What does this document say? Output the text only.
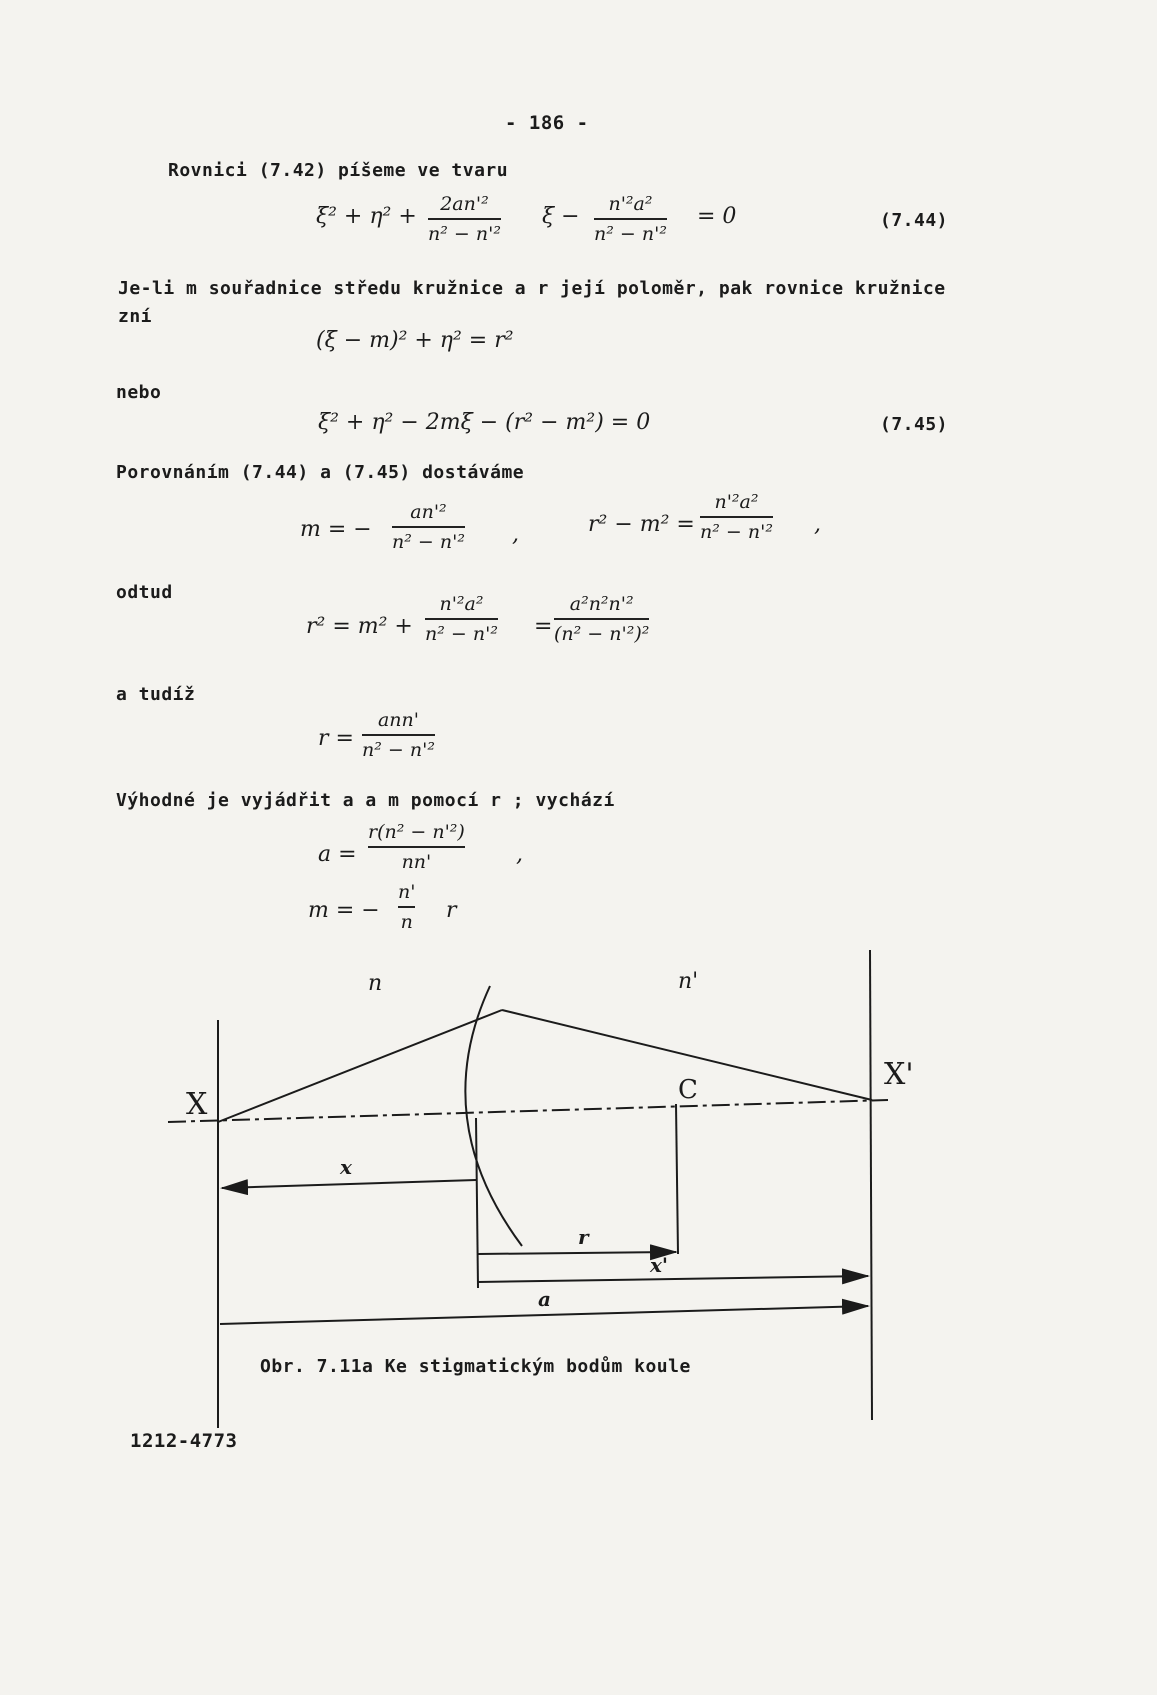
- 186 -
Rovnici (7.42) píšeme ve tvaru
ξ² + η² + 2an'²
n² − n'²
ξ − n'²a²
n² − n'²
= 0	(7.44)
Je-li m souřadnice středu kružnice a r její poloměr, pak rovnice kružnice
zní
(ξ − m)² + η² = r²
nebo
ξ² + η² − 2mξ − (r² − m²) = 0	(7.45)
Porovnáním (7.44) a (7.45) dostáváme
m = −
an'²
n² − n'² ,	r² − m² =
n'²a²
n² − n'² ,
odtud
r² = m² +
n'²a²
n² − n'² =
a²n²n'²
(n² − n'²)²
a tudíž
r =
ann'
n² − n'²
Výhodné je vyjádřit a a m pomocí r ; vychází
a =
r(n² − n'²)
nn'	,
m = −
n'
n r
n	n'
X
X'
C
x
r
x'
a
Obr. 7.11a Ke stigmatickým bodům koule
1212-4773
